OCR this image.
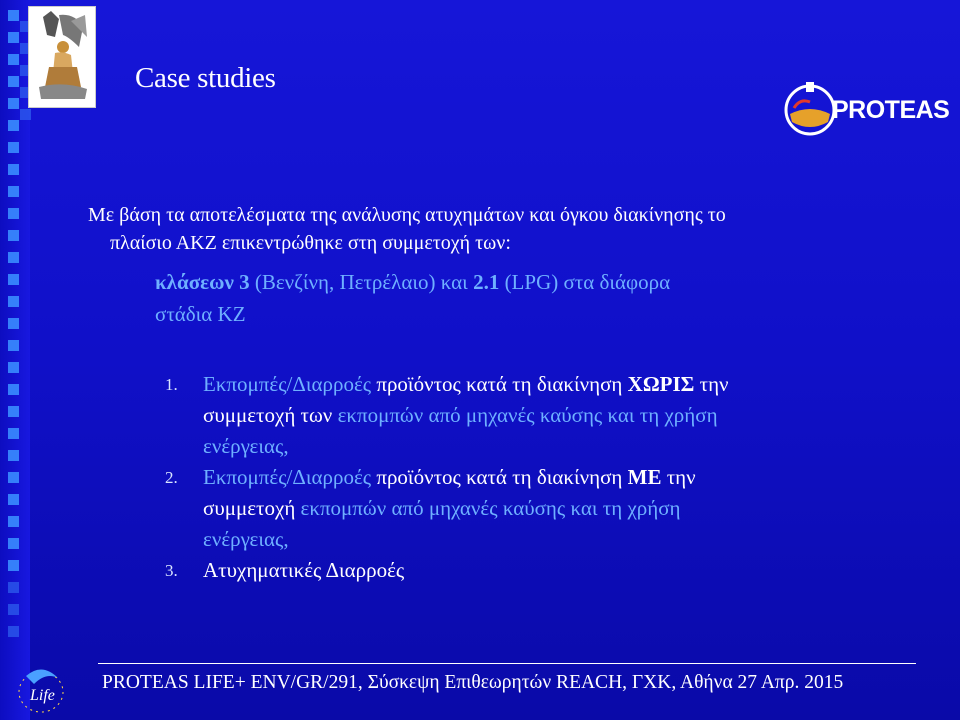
Case studies
PROTEAS
Με βάση τα αποτελέσματα της ανάλυσης ατυχημάτων και όγκου διακίνησης το
πλαίσιο ΑΚΖ επικεντρώθηκε στη συμμετοχή των:
κλάσεων 3 (Βενζίνη, Πετρέλαιο) και 2.1 (LPG) στα διάφορα
στάδια ΚΖ
1. Εκπομπές/Διαρροές προϊόντος κατά τη διακίνηση ΧΩΡΙΣ την
συμμετοχή των εκπομπών από μηχανές καύσης και τη χρήση
ενέργειας,
2. Εκπομπές/Διαρροές προϊόντος κατά τη διακίνηση ΜΕ την
συμμετοχή εκπομπών από μηχανές καύσης και τη χρήση
ενέργειας,
3. Ατυχηματικές Διαρροές
Life
PROTEAS LIFE+ ENV/GR/291, Σύσκεψη Επιθεωρητών REACH, ΓΧΚ, Αθήνα 27 Απρ. 2015
